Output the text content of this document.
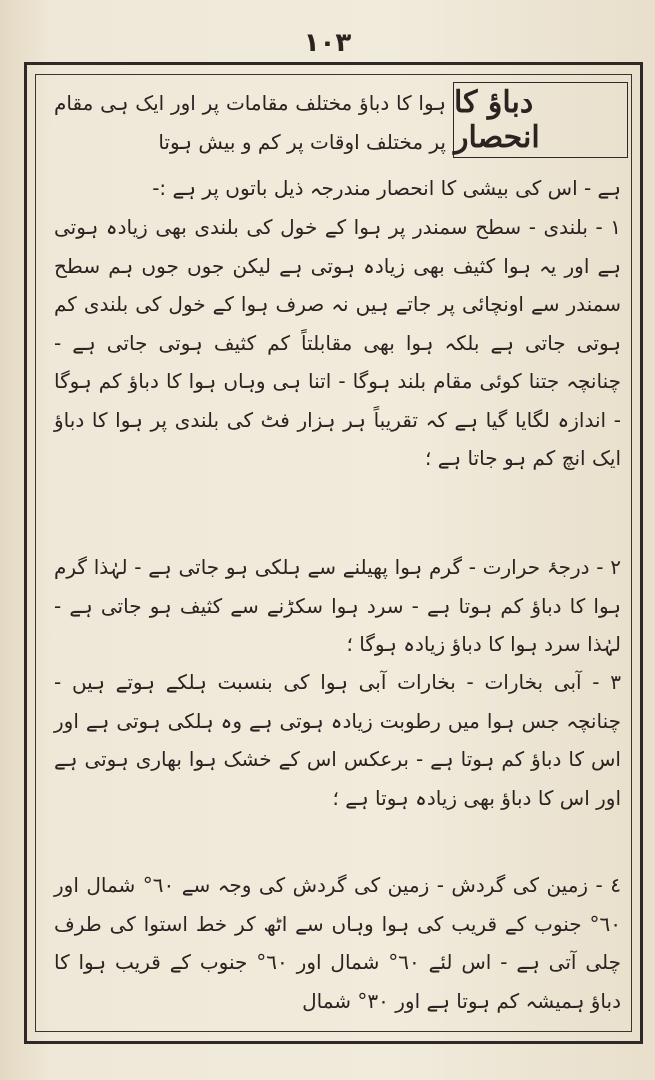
١٠٣
دباؤ کا انحصار
ہوا کا دباؤ مختلف مقامات پر اور ایک ہی مقام پر مختلف اوقات پر کم و بیش ہوتا
ہے - اس کی بیشی کا انحصار مندرجہ ذیل باتوں پر ہے :-
١ - بلندی - سطح سمندر پر ہوا کے خول کی بلندی بھی زیادہ ہوتی ہے اور یہ ہوا کثیف بھی زیادہ ہوتی ہے لیکن جوں جوں ہم سطح سمندر سے اونچائی پر جاتے ہیں نہ صرف ہوا کے خول کی بلندی کم ہوتی جاتی ہے بلکہ ہوا بھی مقابلتاً کم کثیف ہوتی جاتی ہے - چنانچہ جتنا کوئی مقام بلند ہوگا - اتنا ہی وہاں ہوا کا دباؤ کم ہوگا - اندازہ لگایا گیا ہے کہ تقریباً ہر ہزار فٹ کی بلندی پر ہوا کا دباؤ ایک انچ کم ہو جاتا ہے ؛
٢ - درجۂ حرارت - گرم ہوا پھیلنے سے ہلکی ہو جاتی ہے - لہٰذا گرم ہوا کا دباؤ کم ہوتا ہے - سرد ہوا سکڑنے سے کثیف ہو جاتی ہے - لہٰذا سرد ہوا کا دباؤ زیادہ ہوگا ؛
٣ - آبی بخارات - بخارات آبی ہوا کی بنسبت ہلکے ہوتے ہیں - چنانچہ جس ہوا میں رطوبت زیادہ ہوتی ہے وہ ہلکی ہوتی ہے اور اس کا دباؤ کم ہوتا ہے - برعکس اس کے خشک ہوا بھاری ہوتی ہے اور اس کا دباؤ بھی زیادہ ہوتا ہے ؛
٤ - زمین کی گردش - زمین کی گردش کی وجہ سے ٦٠° شمال اور ٦٠° جنوب کے قریب کی ہوا وہاں سے اٹھ کر خط استوا کی طرف چلی آتی ہے - اس لئے ٦٠° شمال اور ٦٠° جنوب کے قریب ہوا کا دباؤ ہمیشہ کم ہوتا ہے اور ٣٠° شمال
